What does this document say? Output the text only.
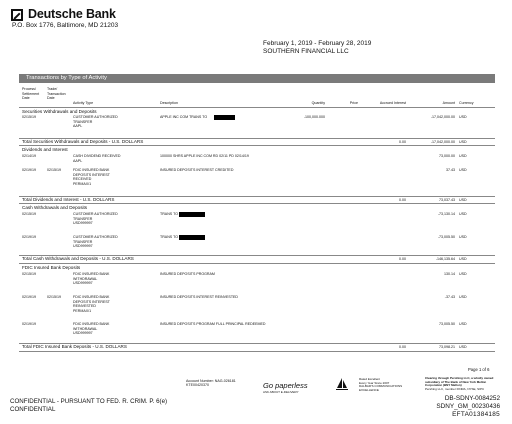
Deutsche Bank
P.O. Box 1776, Baltimore, MD 21203
February 1, 2019 - February 28, 2019
SOUTHERN FINANCIAL LLC
Transactions by Type of Activity
Process/ Settlement Date
Trade/ Transaction Date
Activity Type	Description	Quantity	Price	Accrued Interest	Amount Currency
Securities Withdrawals and Deposits
02/15/19	CUSTOMER AUTHORIZED
TRANSFER
AAPL
APPLE INC COM TRANS TO	-100,000.000	-17,042,000.00 USD
Total Securities Withdrawals and Deposits - U.S. DOLLARS	0.00	-17,042,000.00 USD
Dividends and Interest
02/14/19	CASH DIVIDEND RECEIVED
AAPL
100000 SHRS APPLE INC COM RD 02/11 PD 02/14/19	73,000.00 USD
02/19/19	02/15/19	FDIC INSURED BANK
DEPOSITS INTEREST
RECEIVED
PERMAX/1
INSURED DEPOSITS INTEREST CREDITED	37.43 USD
Total Dividends and Interest - U.S. DOLLARS	0.00	73,037.43 USD
Cash Withdrawals and Deposits
02/15/19	CUSTOMER AUTHORIZED
TRANSFER
USD999997
TRANS TO	-73,130.14 USD
02/19/19	CUSTOMER AUTHORIZED
TRANSFER
USD999997
TRANS TO	-73,005.50 USD
Total Cash Withdrawals and Deposits - U.S. DOLLARS	0.00	-146,135.64 USD
FDIC Insured Bank Deposits
02/15/19	FDIC INSURED BANK
WITHDRAWAL
USD999997
INSURED DEPOSITS PROGRAM	130.14 USD
02/19/19	02/15/19	FDIC INSURED BANK
DEPOSITS INTEREST
REINVESTED
PERMAX/1
INSURED DEPOSITS INTEREST REINVESTED	-37.43 USD
02/19/19	FDIC INSURED BANK
WITHDRAWAL
USD999997
INSURED DEPOSITS PROGRAM FULL PRINCIPAL REDEEMED	73,005.50 USD
Total FDIC Insured Bank Deposits - U.S. DOLLARS	0.00	73,098.21 USD
Page 1 of 6
Account Number: NAG-026181
KTE00420370	Go paperless
ASK ABOUT E-DELIVERY
Rated Excellent
Every Year Since 2007
DALBAR'S COMMUNICATIONS
EXCELLENCE
Clearing through Pershing LLC, a wholly owned
subsidiary of The Bank of New York Mellon
Corporation (BNY Mellon)
Pershing LLC, member FINRA, NYSE, SIPC
CONFIDENTIAL - PURSUANT TO FED. R. CRIM. P. 6(e)
CONFIDENTIAL
DB-SDNY-0084252
SDNY_GM_00230436
EFTA01384185
